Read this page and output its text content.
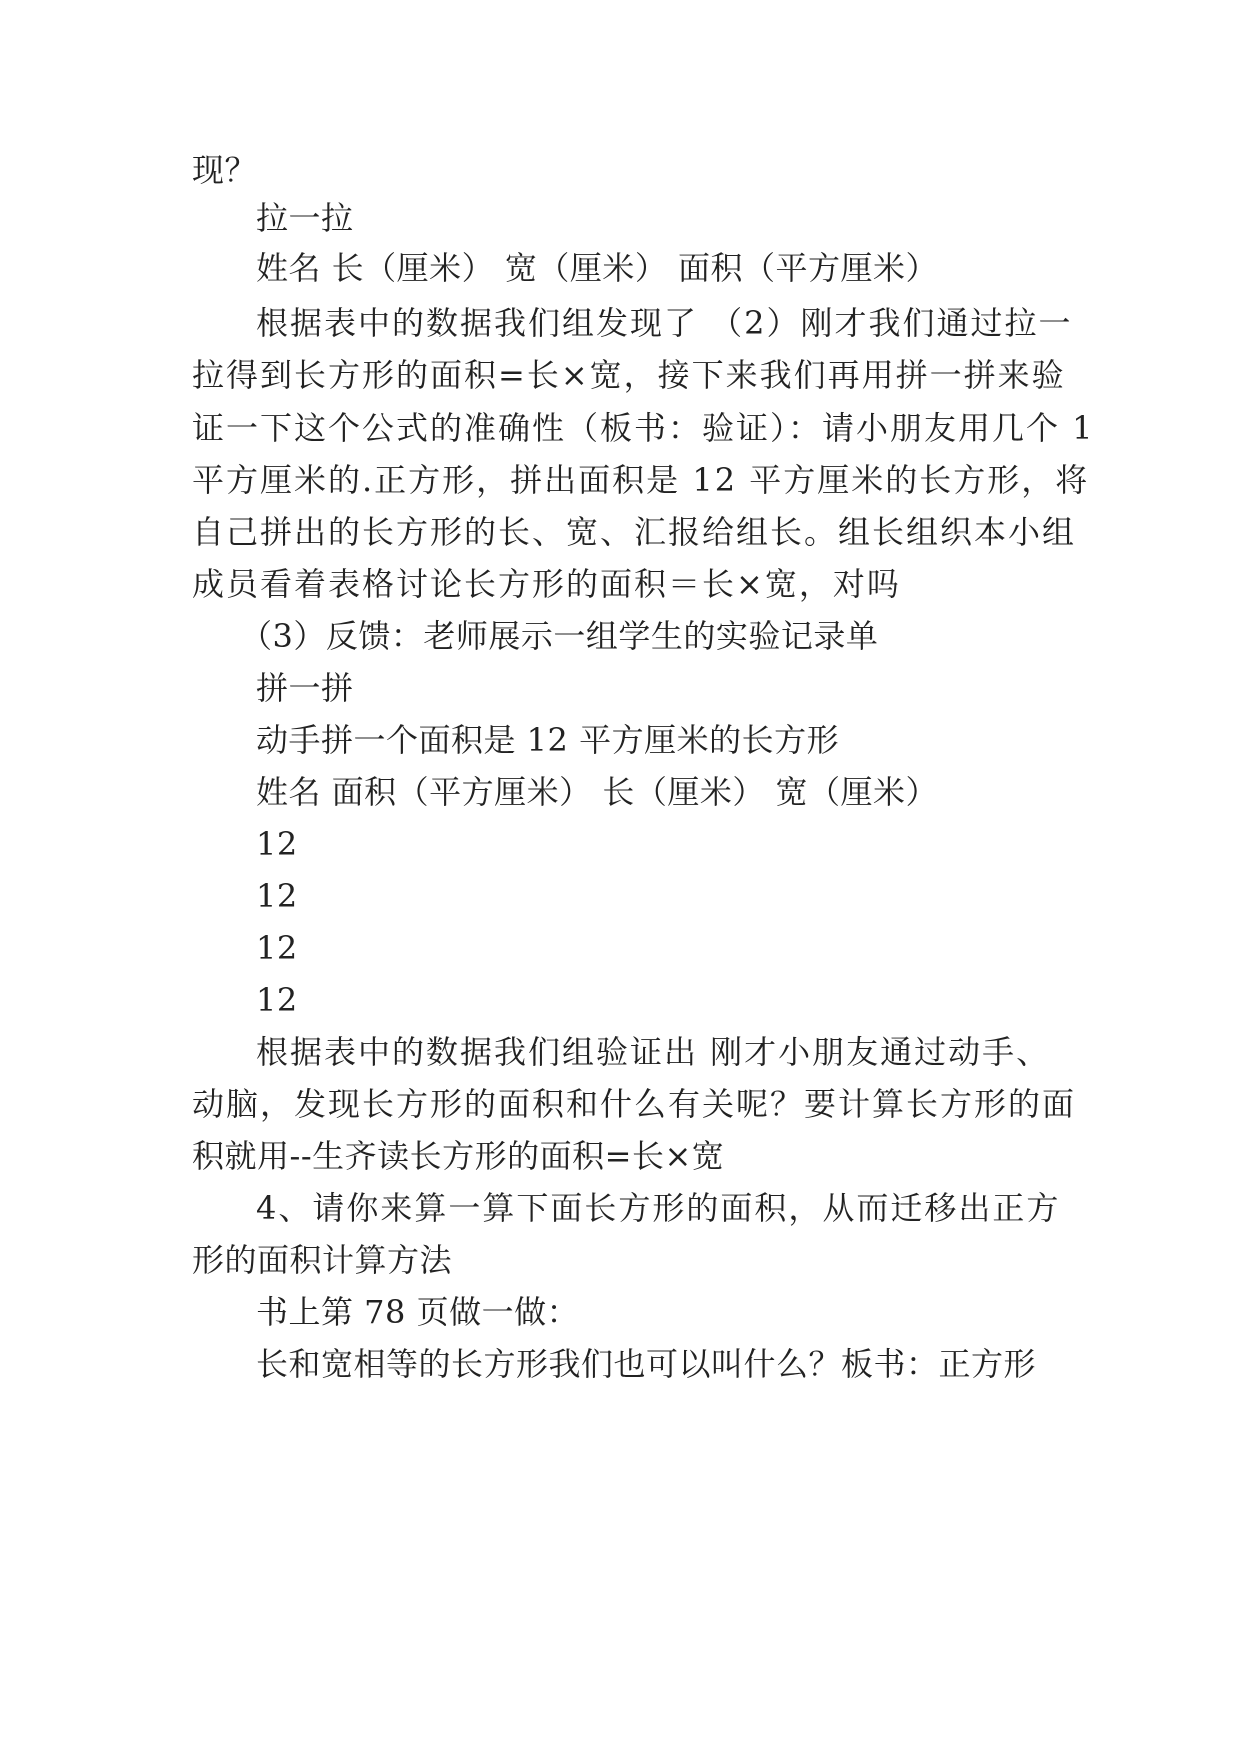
现？
拉一拉
姓名 长（厘米） 宽（厘米） 面积（平方厘米）
根据表中的数据我们组发现了 （2）刚才我们通过拉一
拉得到长方形的面积=长×宽，接下来我们再用拼一拼来验
证一下这个公式的准确性（板书：验证）：请小朋友用几个 1
平方厘米的.正方形，拼出面积是 12 平方厘米的长方形，将
自己拼出的长方形的长、宽、汇报给组长。组长组织本小组
成员看着表格讨论长方形的面积＝长×宽，对吗
（3）反馈：老师展示一组学生的实验记录单
拼一拼
动手拼一个面积是 12 平方厘米的长方形
姓名 面积（平方厘米） 长（厘米） 宽（厘米）
12
12
12
12
根据表中的数据我们组验证出 刚才小朋友通过动手、
动脑，发现长方形的面积和什么有关呢？要计算长方形的面
积就用--生齐读长方形的面积=长×宽
4、请你来算一算下面长方形的面积，从而迁移出正方
形的面积计算方法
书上第 78 页做一做：
长和宽相等的长方形我们也可以叫什么？板书：正方形
